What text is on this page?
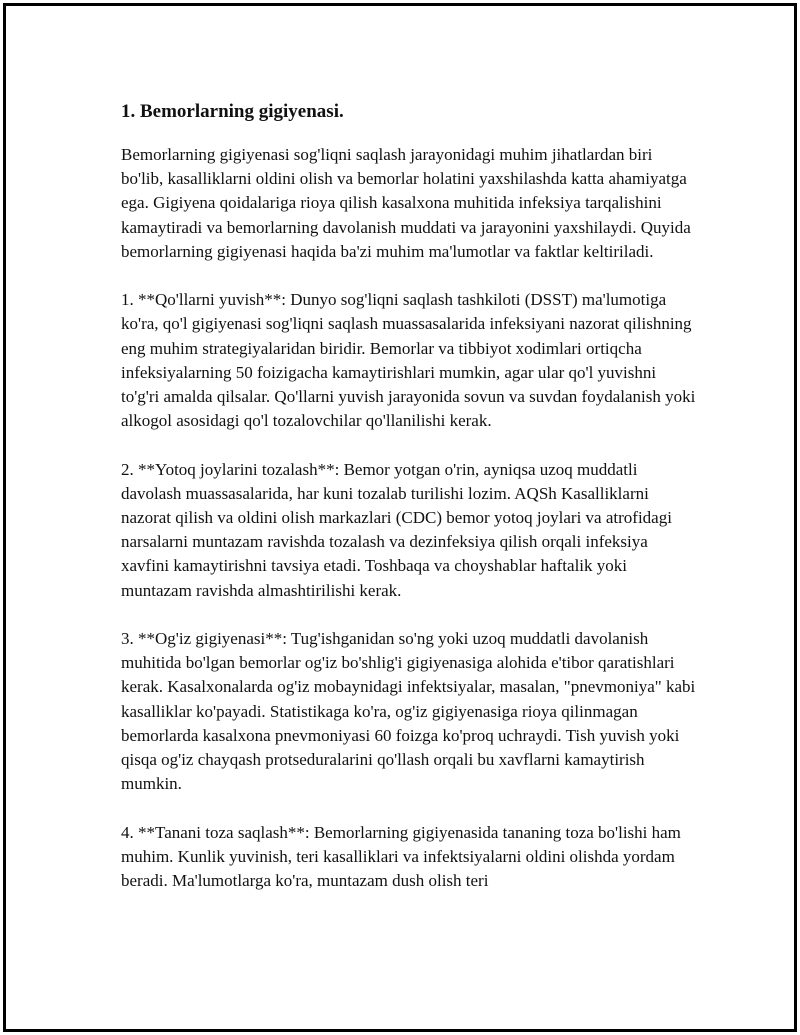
1. Bemorlarning gigiyenasi.

Bemorlarning gigiyenasi sog'liqni saqlash jarayonidagi muhim jihatlardan biri bo'lib, kasalliklarni oldini olish va bemorlar holatini yaxshilashda katta ahamiyatga ega. Gigiyena qoidalariga rioya qilish kasalxona muhitida infeksiya tarqalishini kamaytiradi va bemorlarning davolanish muddati va jarayonini yaxshilaydi. Quyida bemorlarning gigiyenasi haqida ba'zi muhim ma'lumotlar va faktlar keltiriladi.

1. **Qo'llarni yuvish**: Dunyo sog'liqni saqlash tashkiloti (DSST) ma'lumotiga ko'ra, qo'l gigiyenasi sog'liqni saqlash muassasalarida infeksiyani nazorat qilishning eng muhim strategiyalaridan biridir. Bemorlar va tibbiyot xodimlari ortiqcha infeksiyalarning 50 foizigacha kamaytirishlari mumkin, agar ular qo'l yuvishni to'g'ri amalda qilsalar. Qo'llarni yuvish jarayonida sovun va suvdan foydalanish yoki alkogol asosidagi qo'l tozalovchilar qo'llanilishi kerak.

2. **Yotoq joylarini tozalash**: Bemor yotgan o'rin, ayniqsa uzoq muddatli davolash muassasalarida, har kuni tozalab turilishi lozim. AQSh Kasalliklarni nazorat qilish va oldini olish markazlari (CDC) bemor yotoq joylari va atrofidagi narsalarni muntazam ravishda tozalash va dezinfeksiya qilish orqali infeksiya xavfini kamaytirishni tavsiya etadi. Toshbaqa va choyshablar haftalik yoki muntazam ravishda almashtirilishi kerak.

3. **Og'iz gigiyenasi**: Tug'ishganidan so'ng yoki uzoq muddatli davolanish muhitida bo'lgan bemorlar og'iz bo'shlig'i gigiyenasiga alohida e'tibor qaratishlari kerak. Kasalxonalarda og'iz mobaynidagi infektsiyalar, masalan, "pnevmoniya" kabi kasalliklar ko'payadi. Statistikaga ko'ra, og'iz gigiyenasiga rioya qilinmagan bemorlarda kasalxona pnevmoniyasi 60 foizga ko'proq uchraydi. Tish yuvish yoki qisqa og'iz chayqash protseduralarini qo'llash orqali bu xavflarni kamaytirish mumkin.

4. **Tanani toza saqlash**: Bemorlarning gigiyenasida tananing toza bo'lishi ham muhim. Kunlik yuvinish, teri kasalliklari va infektsiyalarni oldini olishda yordam beradi. Ma'lumotlarga ko'ra, muntazam dush olish teri
